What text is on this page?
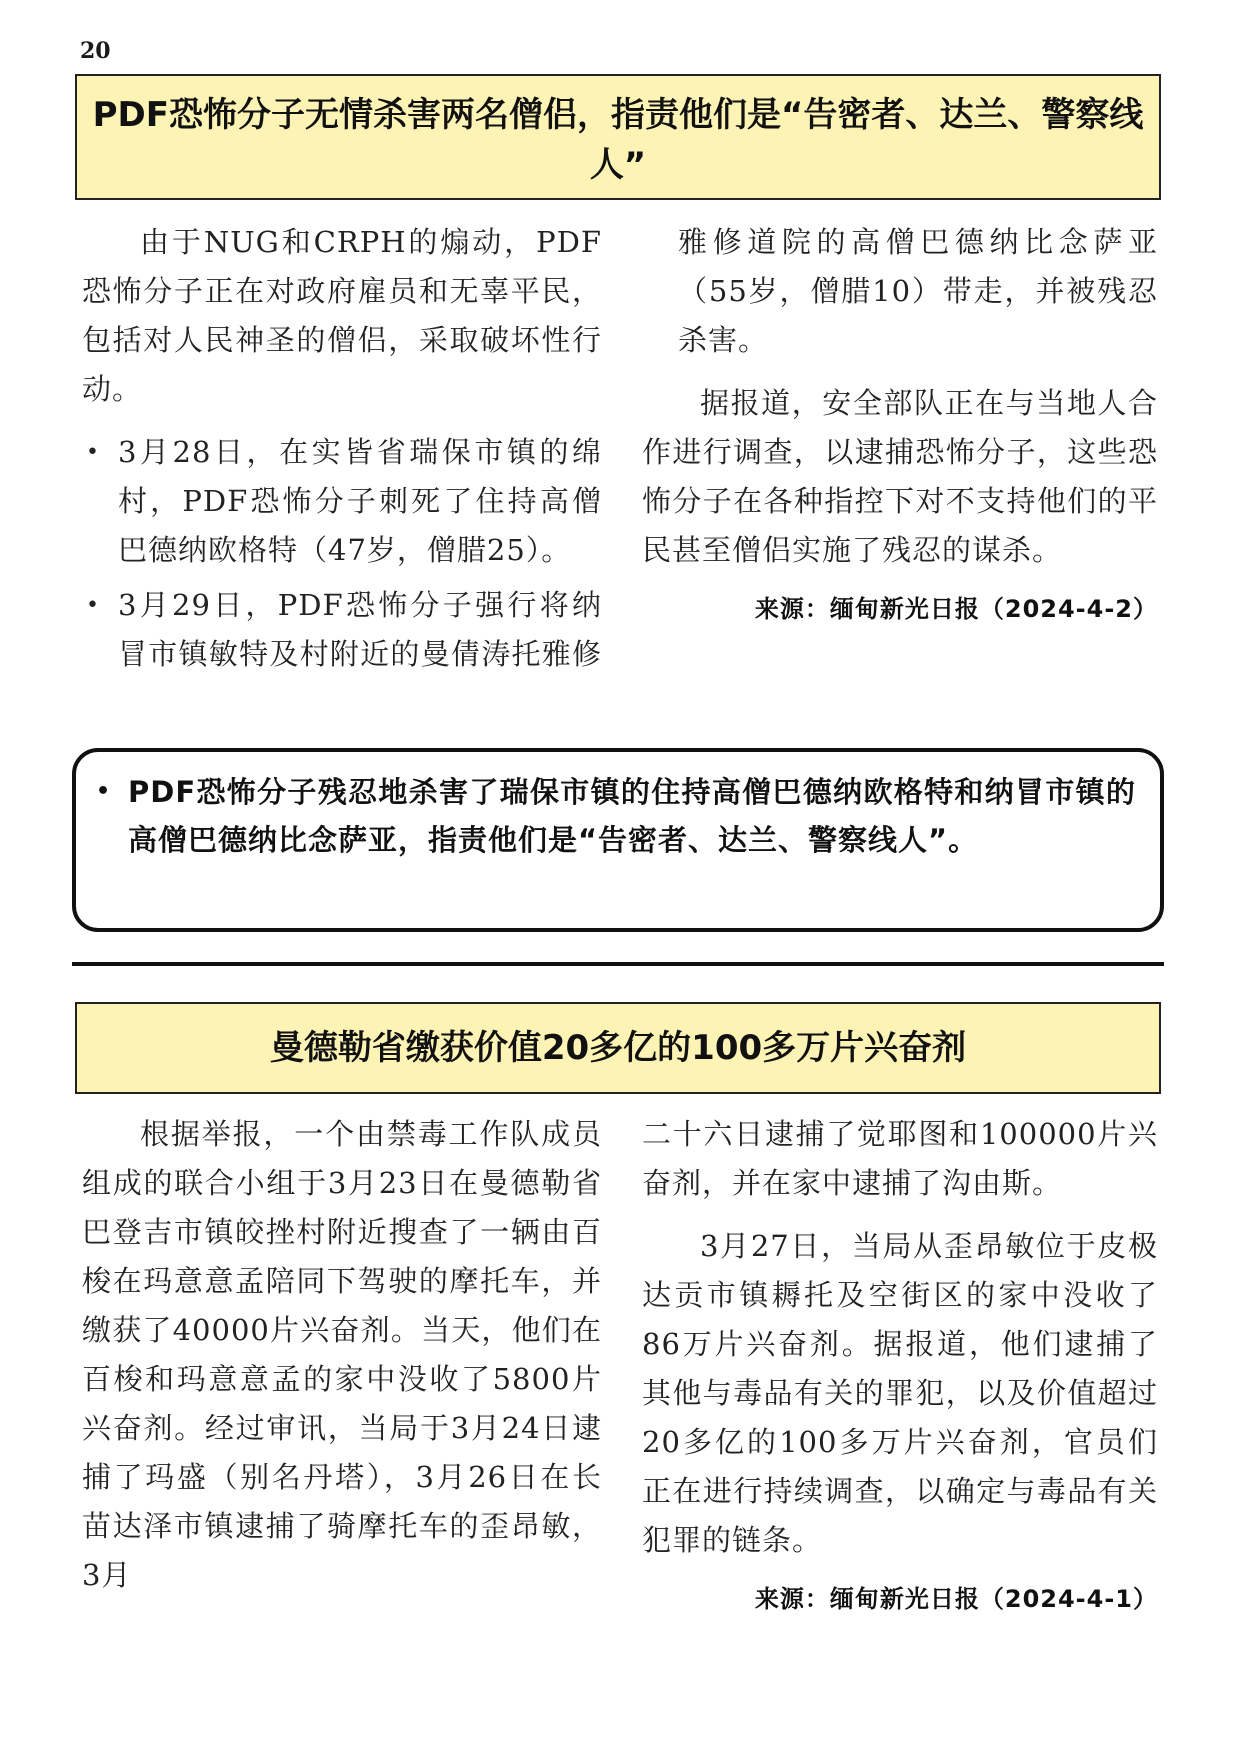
20
PDF恐怖分子无情杀害两名僧侣，指责他们是“告密者、达兰、警察线人”

由于NUG和CRPH的煽动，PDF恐怖分子正在对政府雇员和无辜平民，包括对人民神圣的僧侣，采取破坏性行动。

• 3月28日，在实皆省瑞保市镇的绵村，PDF恐怖分子刺死了住持高僧巴德纳欧格特（47岁，僧腊25）。
• 3月29日，PDF恐怖分子强行将纳冒市镇敏特及村附近的曼倩涛托雅修

雅修道院的高僧巴德纳比念萨亚（55岁，僧腊10）带走，并被残忍杀害。

据报道，安全部队正在与当地人合作进行调查，以逮捕恐怖分子，这些恐怖分子在各种指控下对不支持他们的平民甚至僧侣实施了残忍的谋杀。

来源：缅甸新光日报（2024-4-2）
• PDF恐怖分子残忍地杀害了瑞保市镇的住持高僧巴德纳欧格特和纳冒市镇的高僧巴德纳比念萨亚，指责他们是“告密者、达兰、警察线人”。
曼德勒省缴获价值20多亿的100多万片兴奋剂

根据举报，一个由禁毒工作队成员组成的联合小组于3月23日在曼德勒省巴登吉市镇皎挫村附近搜查了一辆由百梭在玛意意孟陪同下驾驶的摩托车，并缴获了40000片兴奋剂。当天，他们在百梭和玛意意孟的家中没收了5800片兴奋剂。经过审讯，当局于3月24日逮捕了玛盛（别名丹塔），3月26日在长苗达泽市镇逮捕了骑摩托车的歪昂敏，3月

二十六日逮捕了觉耶图和100000片兴奋剂，并在家中逮捕了沟由斯。

3月27日，当局从歪昂敏位于皮极达贡市镇耨托及空街区的家中没收了86万片兴奋剂。据报道，他们逮捕了其他与毒品有关的罪犯，以及价值超过20多亿的100多万片兴奋剂，官员们正在进行持续调查，以确定与毒品有关犯罪的链条。

来源：缅甸新光日报（2024-4-1）
